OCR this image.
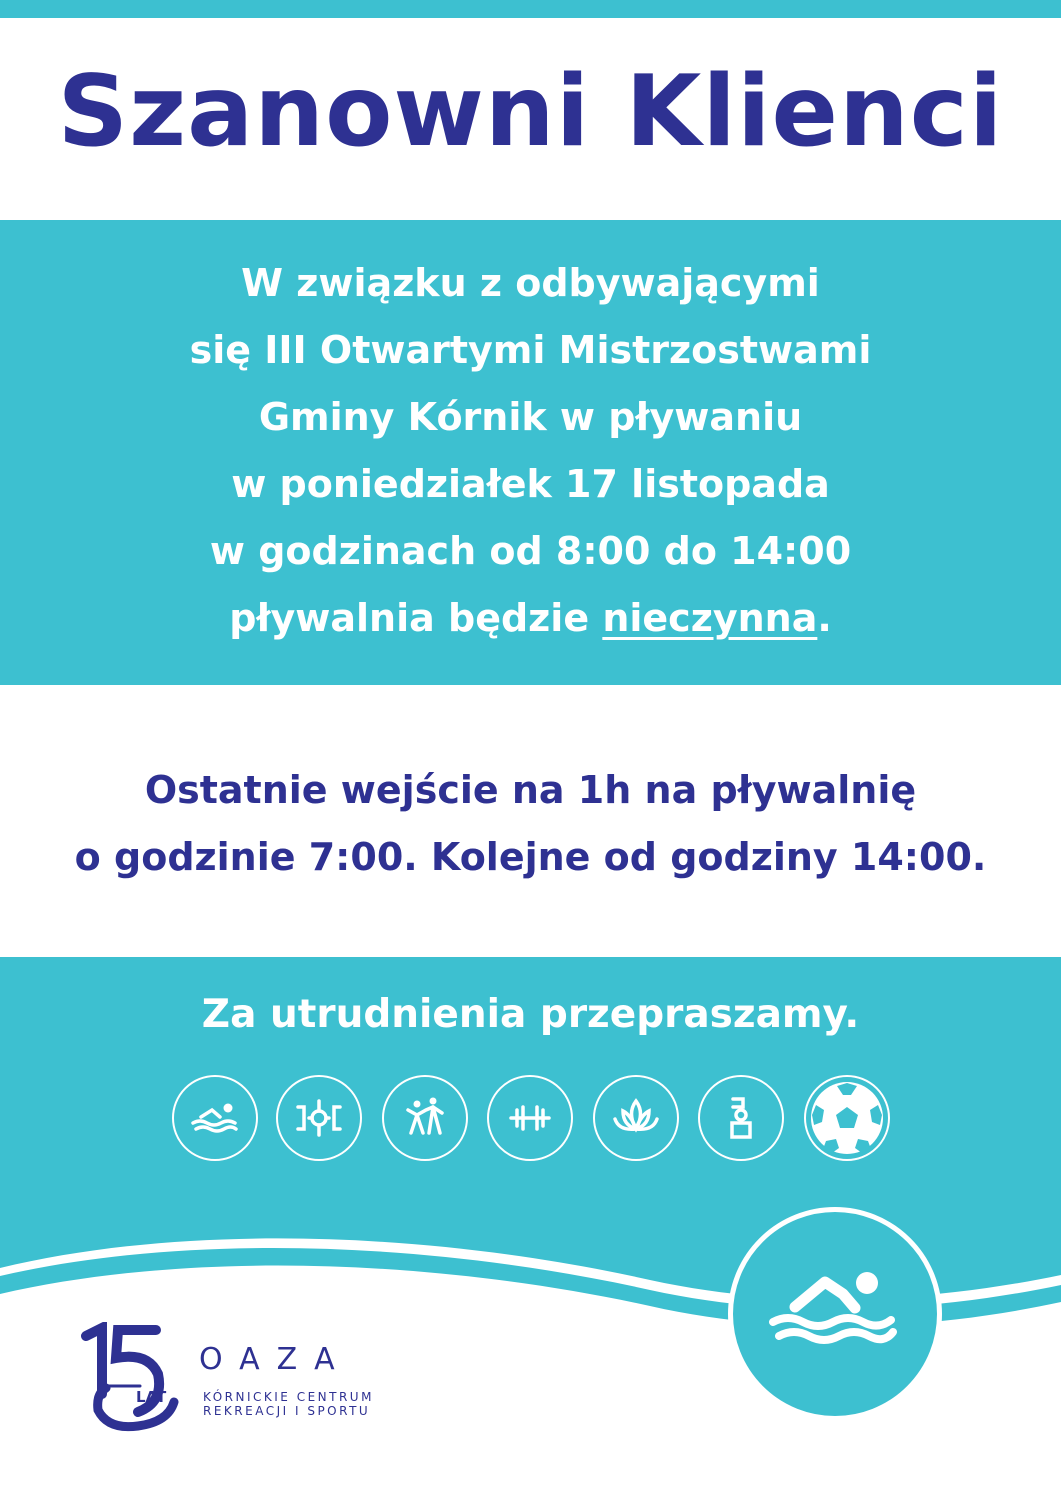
Szanowni Klienci
W związku z odbywającymi
się III Otwartymi Mistrzostwami
Gminy Kórnik w pływaniu
w poniedziałek 17 listopada
w godzinach od 8:00 do 14:00
pływalnia będzie nieczynna.
Ostatnie wejście na 1h na pływalnię
o godzinie 7:00. Kolejne od godziny 14:00.
Za utrudnienia przepraszamy.
LAT
OAZA
KÓRNICKIE CENTRUM
REKREACJI I SPORTU
